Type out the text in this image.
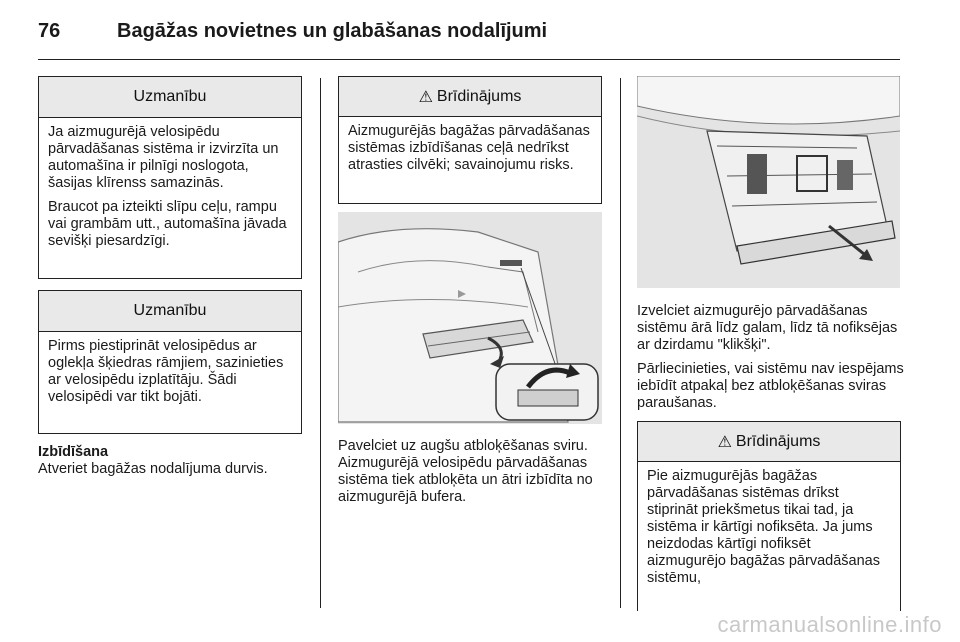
76	Bagāžas novietnes un glabāšanas nodalījumi
Uzmanību

Ja aizmugurējā velosipēdu pārvadāšanas sistēma ir izvirzīta un automašīna ir pilnīgi noslogota, šasijas klīrenss samazinās.

Braucot pa izteikti slīpu ceļu, rampu vai grambām utt., automašīna jāvada sevišķi piesardzīgi.

Uzmanību

Pirms piestiprināt velosipēdus ar oglekļa šķiedras rāmjiem, sazinieties ar velosipēdu izplatītāju. Šādi velosipēdi var tikt bojāti.

Izbīdīšana

Atveriet bagāžas nodalījuma durvis.

⚠ Brīdinājums

Aizmugurējās bagāžas pārvadāšanas sistēmas izbīdīšanas ceļā nedrīkst atrasties cilvēki; savainojumu risks.

Pavelciet uz augšu atbloķēšanas sviru. Aizmugurējā velosipēdu pārvadāšanas sistēma tiek atbloķēta un ātri izbīdīta no aizmugurējā bufera.

Izvelciet aizmugurējo pārvadāšanas sistēmu ārā līdz galam, līdz tā nofiksējas ar dzirdamu "klikšķi".

Pārliecinieties, vai sistēmu nav iespējams iebīdīt atpakaļ bez atbloķēšanas sviras paraušanas.

⚠ Brīdinājums

Pie aizmugurējās bagāžas pārvadāšanas sistēmas drīkst stiprināt priekšmetus tikai tad, ja sistēma ir kārtīgi nofiksēta. Ja jums neizdodas kārtīgi nofiksēt aizmugurējo bagāžas pārvadāšanas sistēmu,

carmanualsonline.info
